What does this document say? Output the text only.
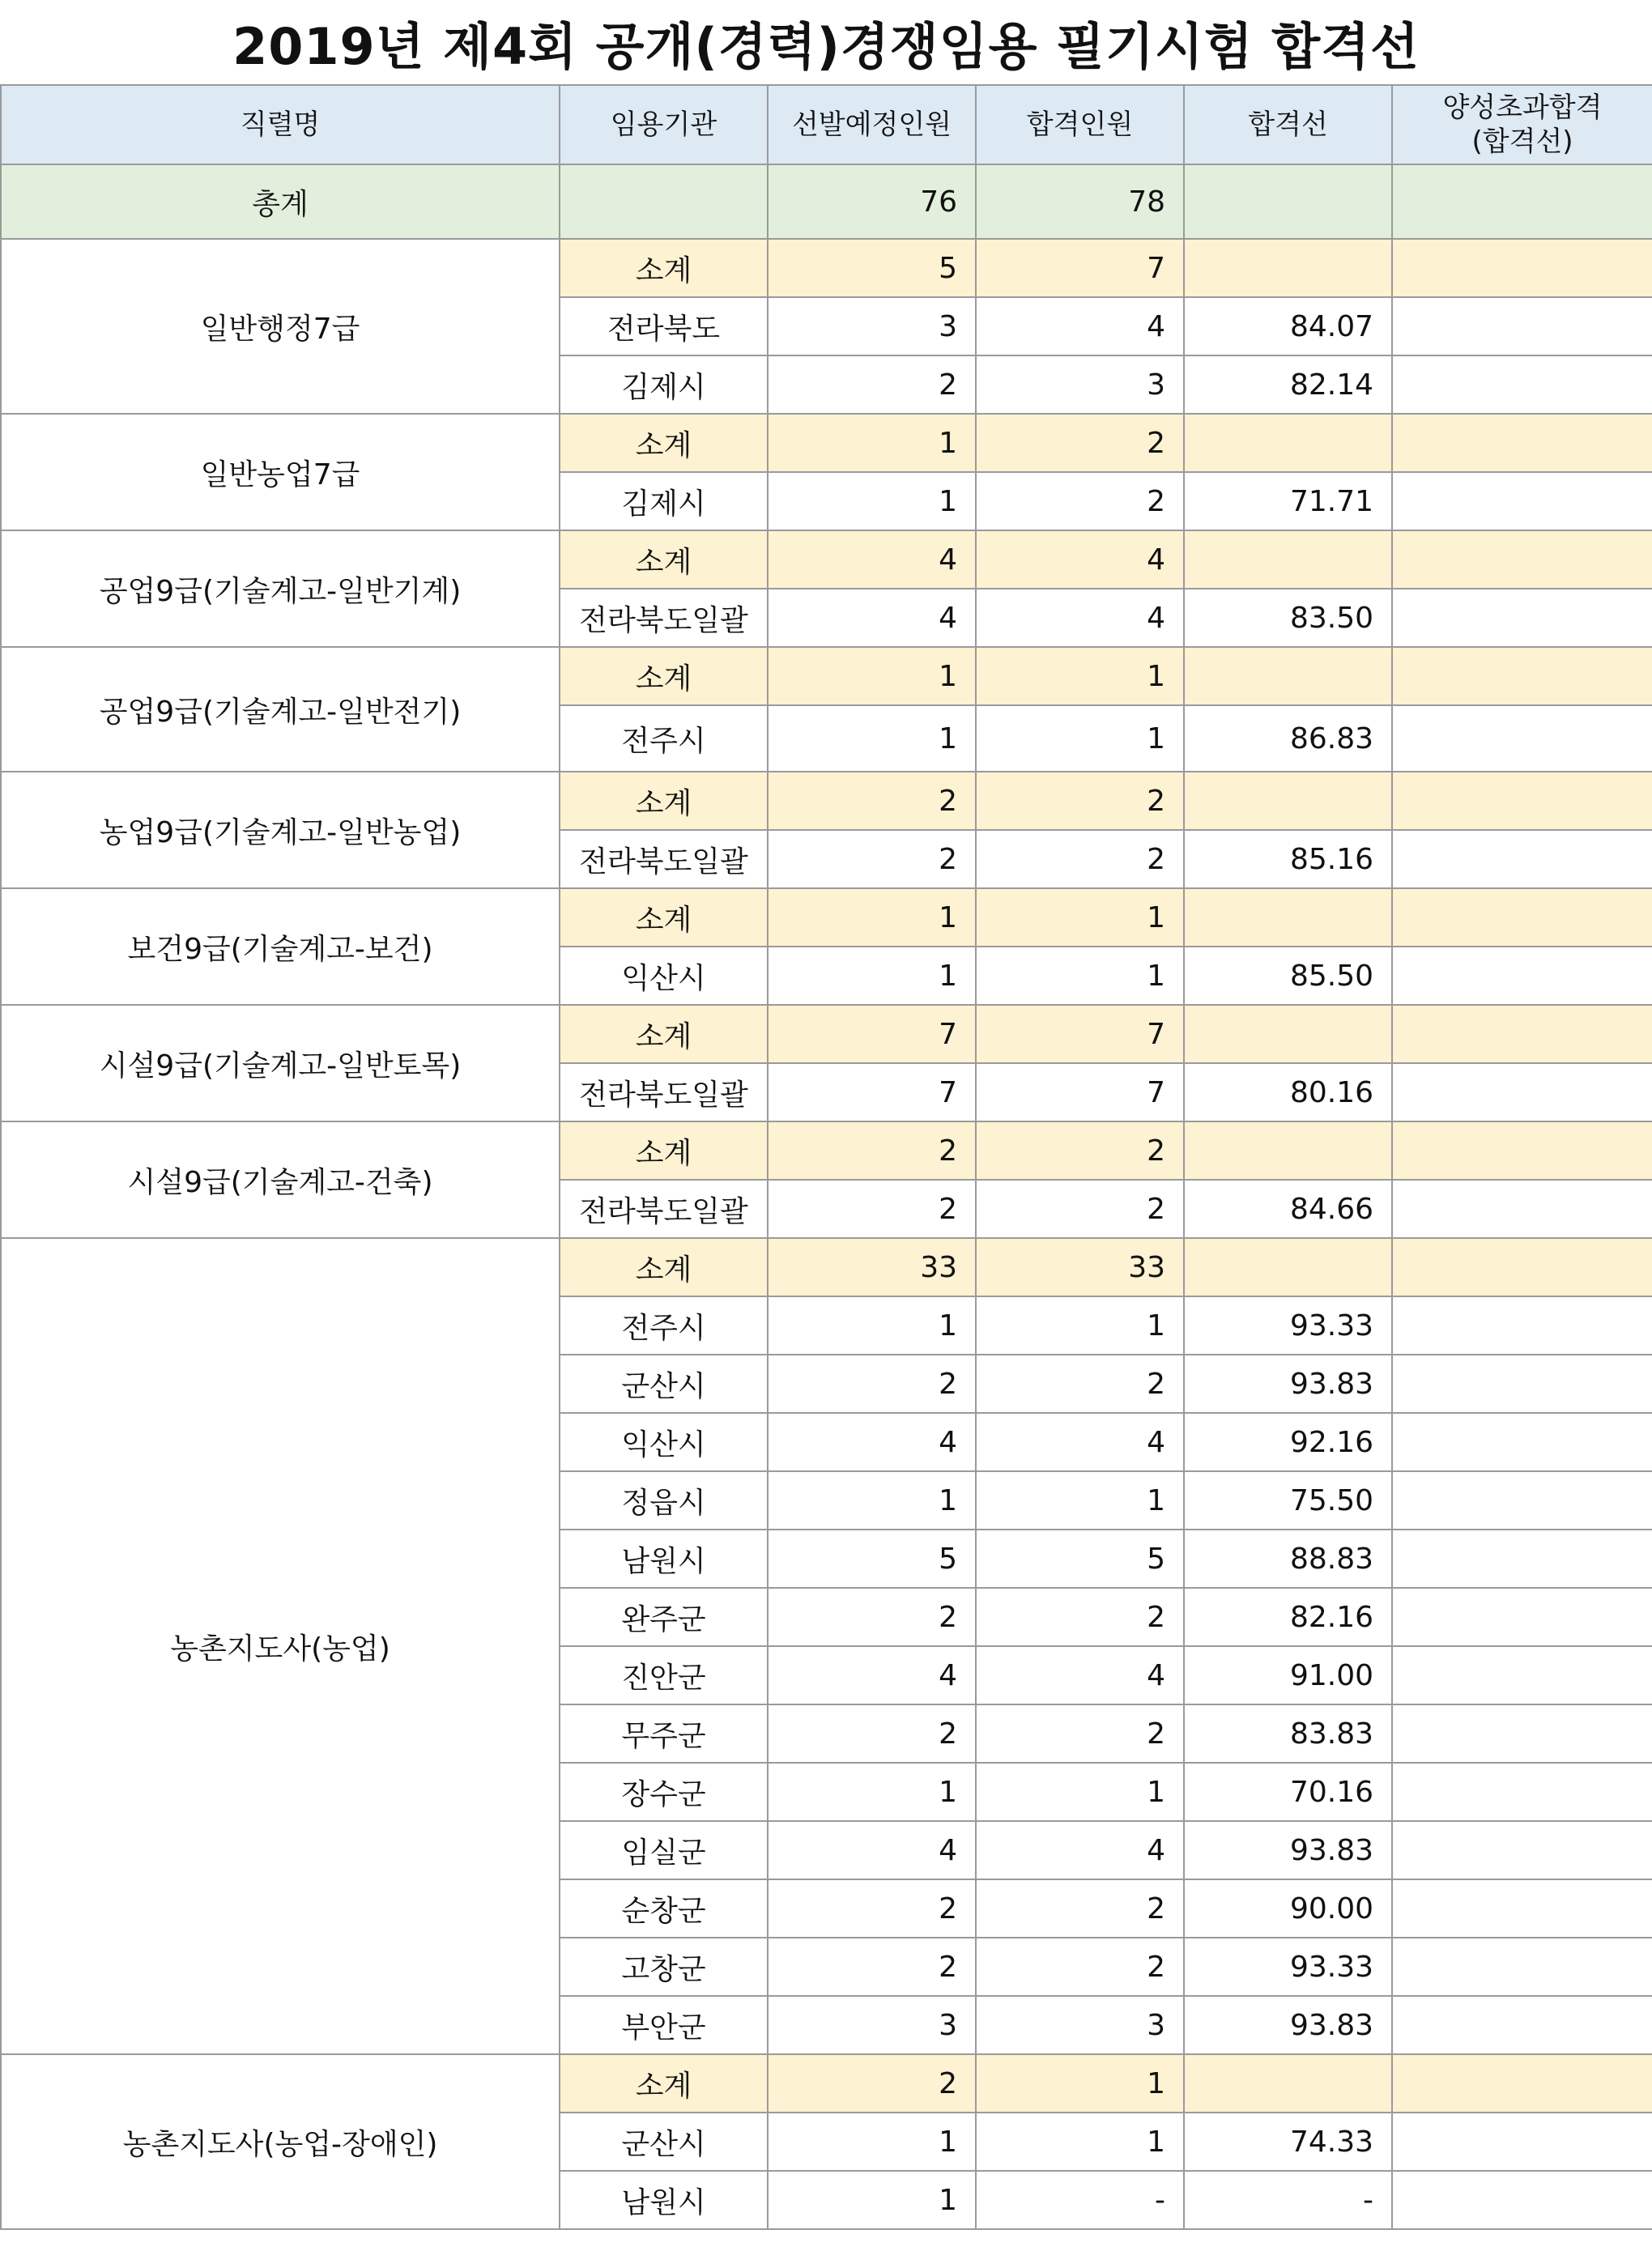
2019년 제4회 공개(경력)경쟁임용 필기시험 합격선
직렬명	임용기관	선발예정인원	합격인원	합격선	양성초과합격
(합격선)
총계		76	78		
일반행정7급	소계	5	7		
	전라북도	3	4	84.07	
	김제시	2	3	82.14	
일반농업7급	소계	1	2		
	김제시	1	2	71.71	
공업9급(기술계고-일반기계)	소계	4	4		
	전라북도일괄	4	4	83.50	
공업9급(기술계고-일반전기)	소계	1	1		
	전주시	1	1	86.83	
농업9급(기술계고-일반농업)	소계	2	2		
	전라북도일괄	2	2	85.16	
보건9급(기술계고-보건)	소계	1	1		
	익산시	1	1	85.50	
시설9급(기술계고-일반토목)	소계	7	7		
	전라북도일괄	7	7	80.16	
시설9급(기술계고-건축)	소계	2	2		
	전라북도일괄	2	2	84.66	
농촌지도사(농업)	소계	33	33		
	전주시	1	1	93.33	
	군산시	2	2	93.83	
	익산시	4	4	92.16	
	정읍시	1	1	75.50	
	남원시	5	5	88.83	
	완주군	2	2	82.16	
	진안군	4	4	91.00	
	무주군	2	2	83.83	
	장수군	1	1	70.16	
	임실군	4	4	93.83	
	순창군	2	2	90.00	
	고창군	2	2	93.33	
	부안군	3	3	93.83	
농촌지도사(농업-장애인)	소계	2	1		
	군산시	1	1	74.33	
	남원시	1	-	-	
